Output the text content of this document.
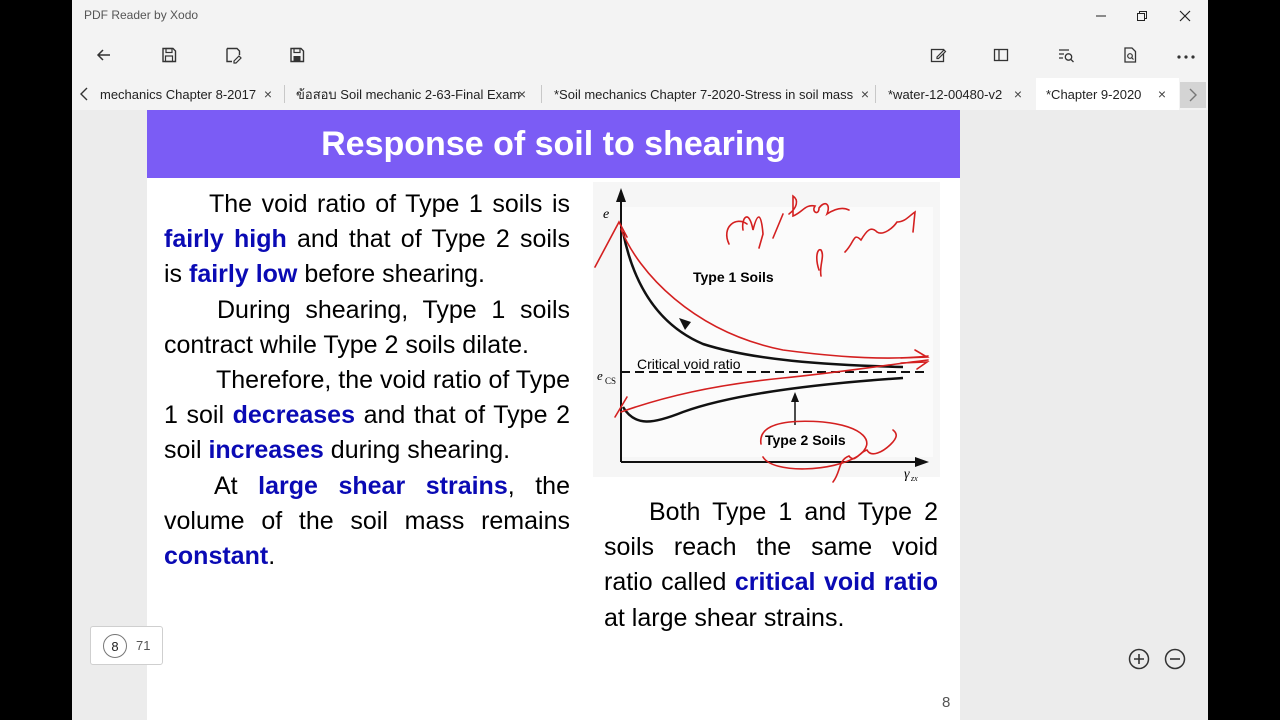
PDF Reader by Xodo
mechanics Chapter 8-2017 × ข้อสอบ Soil mechanic 2-63-Final Exam
× *Soil mechanics Chapter 7-2020-Stress in soil mass × *water-12-00480-v2 × *Chapter 9-2020 ×
Response of soil to shearing

The void ratio of Type 1 soils is fairly high and that of Type 2 soils is fairly low before shearing.

During shearing, Type 1 soils contract while Type 2 soils dilate.

Therefore, the void ratio of Type 1 soil decreases and that of Type 2 soil increases during shearing.

At large shear strains, the volume of the soil mass remains constant.

e
e CS
γ zx
Critical void ratio
Type 1 Soils
Type 2 Soils

Both Type 1 and Type 2 soils reach the same void ratio called critical void ratio at large shear strains.

8
8	71
